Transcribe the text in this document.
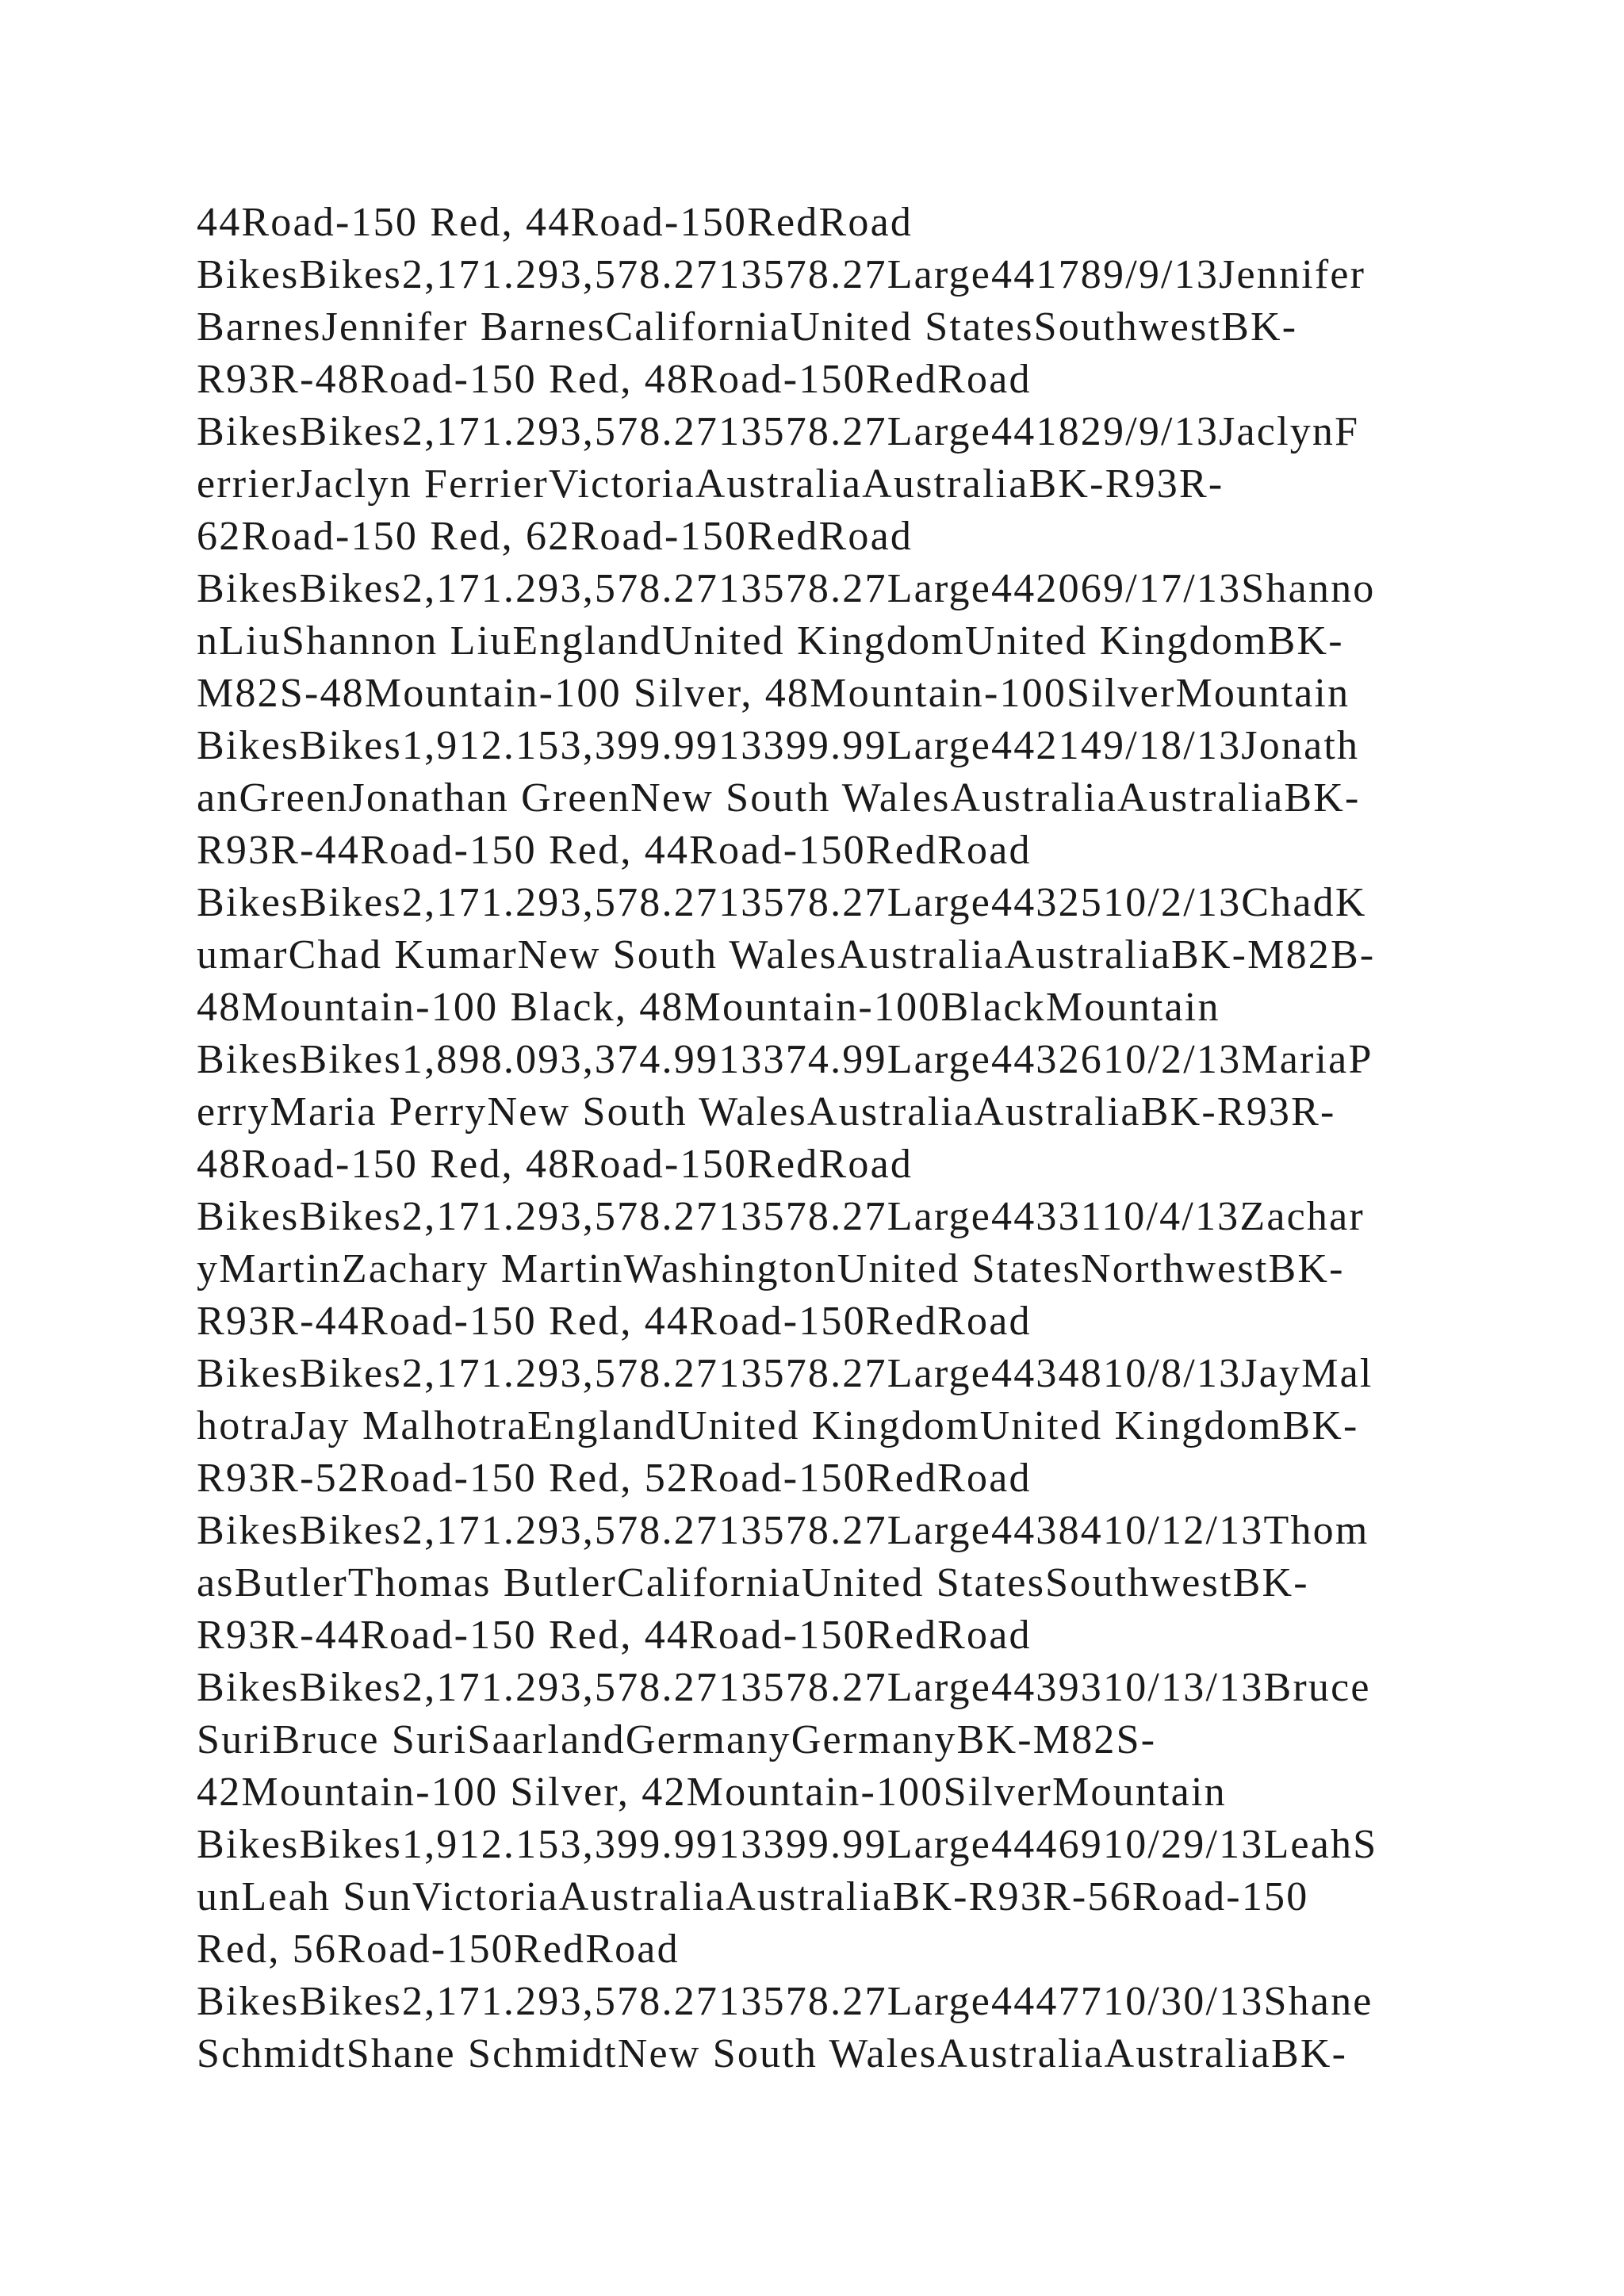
44Road-150 Red, 44Road-150RedRoad
BikesBikes2,171.293,578.2713578.27Large441789/9/13Jennifer
BarnesJennifer BarnesCaliforniaUnited StatesSouthwestBK-
R93R-48Road-150 Red, 48Road-150RedRoad
BikesBikes2,171.293,578.2713578.27Large441829/9/13JaclynF
errierJaclyn FerrierVictoriaAustraliaAustraliaBK-R93R-
62Road-150 Red, 62Road-150RedRoad
BikesBikes2,171.293,578.2713578.27Large442069/17/13Shanno
nLiuShannon LiuEnglandUnited KingdomUnited KingdomBK-
M82S-48Mountain-100 Silver, 48Mountain-100SilverMountain
BikesBikes1,912.153,399.9913399.99Large442149/18/13Jonath
anGreenJonathan GreenNew South WalesAustraliaAustraliaBK-
R93R-44Road-150 Red, 44Road-150RedRoad
BikesBikes2,171.293,578.2713578.27Large4432510/2/13ChadK
umarChad KumarNew South WalesAustraliaAustraliaBK-M82B-
48Mountain-100 Black, 48Mountain-100BlackMountain
BikesBikes1,898.093,374.9913374.99Large4432610/2/13MariaP
erryMaria PerryNew South WalesAustraliaAustraliaBK-R93R-
48Road-150 Red, 48Road-150RedRoad
BikesBikes2,171.293,578.2713578.27Large4433110/4/13Zachar
yMartinZachary MartinWashingtonUnited StatesNorthwestBK-
R93R-44Road-150 Red, 44Road-150RedRoad
BikesBikes2,171.293,578.2713578.27Large4434810/8/13JayMal
hotraJay MalhotraEnglandUnited KingdomUnited KingdomBK-
R93R-52Road-150 Red, 52Road-150RedRoad
BikesBikes2,171.293,578.2713578.27Large4438410/12/13Thom
asButlerThomas ButlerCaliforniaUnited StatesSouthwestBK-
R93R-44Road-150 Red, 44Road-150RedRoad
BikesBikes2,171.293,578.2713578.27Large4439310/13/13Bruce
SuriBruce SuriSaarlandGermanyGermanyBK-M82S-
42Mountain-100 Silver, 42Mountain-100SilverMountain
BikesBikes1,912.153,399.9913399.99Large4446910/29/13LeahS
unLeah SunVictoriaAustraliaAustraliaBK-R93R-56Road-150
Red, 56Road-150RedRoad
BikesBikes2,171.293,578.2713578.27Large4447710/30/13Shane
SchmidtShane SchmidtNew South WalesAustraliaAustraliaBK-
